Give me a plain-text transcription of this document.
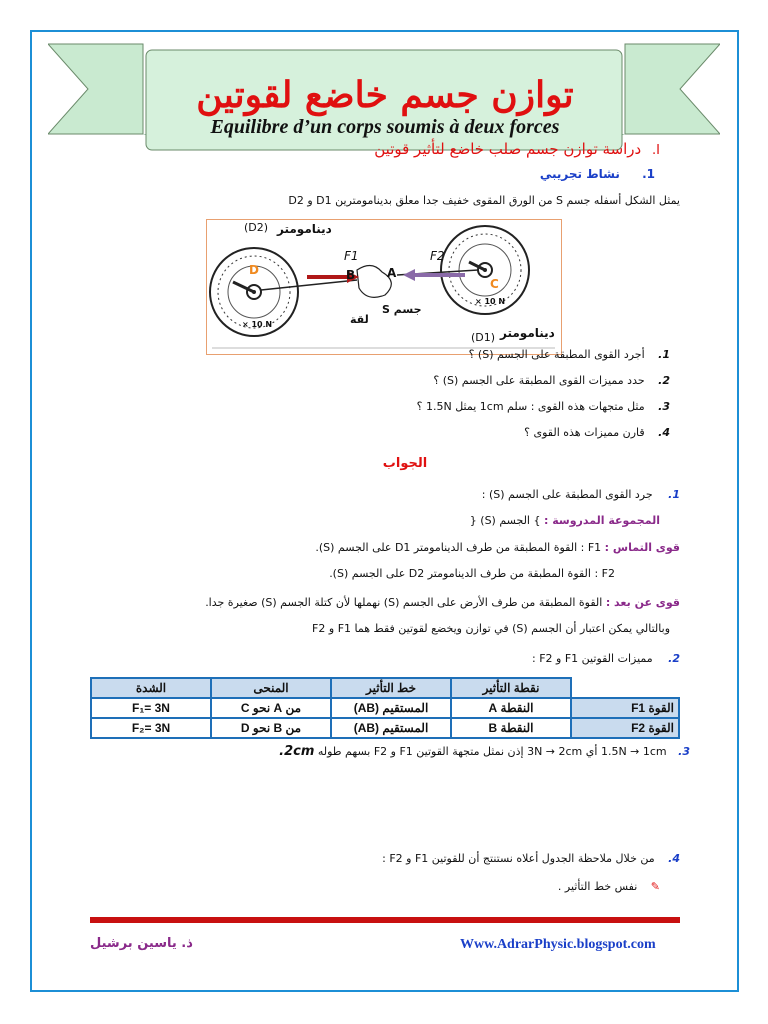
توازن جسم خاضع لقوتين
Equilibre d’un corps soumis à deux forces
I. دراسة توازن جسم صلب خاضع لتأثير قوتين
1. نشاط تجريبي
يمثل الشكل أسفله جسم S من الورق المقوى خفيف جدا معلق بدينامومترين D1 و D2
(D2) دينامومتر
D	B	A
C
F1	F2
× 10 N
× 10 N
جسم S
لقة
دينامومتر
(D1)
1. أجرد القوى المطبقة على الجسم (S) ؟
2. حدد مميزات القوى المطبقة على الجسم (S) ؟
3. مثل متجهات هذه القوى : سلم 1cm يمثل 1.5N ؟
4. قارن مميزات هذه القوى ؟
الجواب
1. جرد القوى المطبقة على الجسم (S) :
المجموعة المدروسة : } الجسم (S) {
قوى التماس : F1 : القوة المطبقة من طرف الدينامومتر D1 على الجسم (S).
F2 : القوة المطبقة من طرف الدينامومتر D2 على الجسم (S).
قوى عن بعد : القوة المطبقة من طرف الأرض على الجسم (S) نهملها لأن كتلة الجسم (S) صغيرة جدا.
وبالتالي يمكن اعتبار أن الجسم (S) في توازن ويخضع لقوتين فقط هما F1 و F2
2. مميزات القوتين F1 و F2 :
الشدة	المنحى	خط التأثير	نقطة التأثير	
F₁= 3N	من A نحو C	المستقيم (AB)	النقطة A	القوة F1
F₂= 3N	من B نحو D	المستقيم (AB)	النقطة B	القوة F2
3. 1.5N → 1cm أي 3N → 2cm إذن نمثل متجهة القوتين F1 و F2 بسهم طوله 2cm.
4. من خلال ملاحظة الجدول أعلاه نستنتج أن للقوتين F1 و F2 :
✎ نفس خط التأثير .
ذ. ياسين برشيل	Www.AdrarPhysic.blogspot.com
